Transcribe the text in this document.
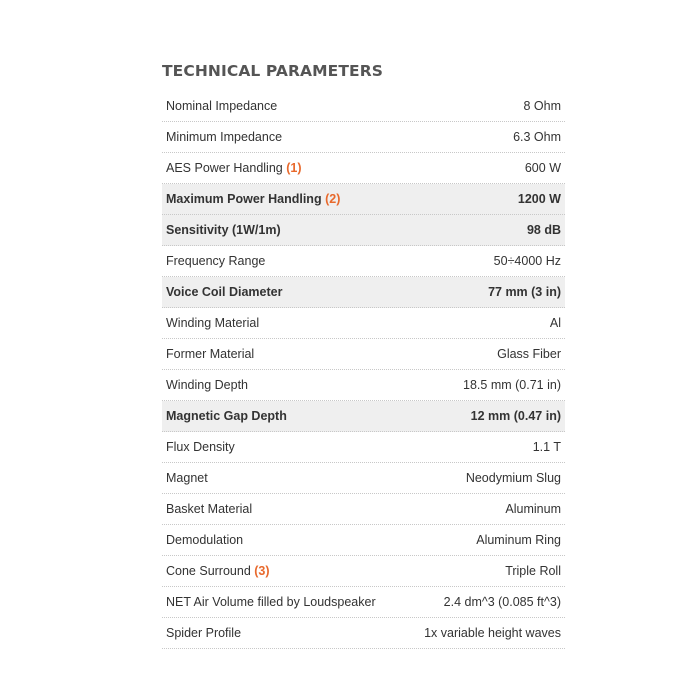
TECHNICAL PARAMETERS
Nominal Impedance	8 Ohm
Minimum Impedance	6.3 Ohm
AES Power Handling (1)	600 W
Maximum Power Handling (2)	1200 W
Sensitivity (1W/1m)	98 dB
Frequency Range	50÷4000 Hz
Voice Coil Diameter	77 mm (3 in)
Winding Material	Al
Former Material	Glass Fiber
Winding Depth	18.5 mm (0.71 in)
Magnetic Gap Depth	12 mm (0.47 in)
Flux Density	1.1 T
Magnet	Neodymium Slug
Basket Material	Aluminum
Demodulation	Aluminum Ring
Cone Surround (3)	Triple Roll
NET Air Volume filled by Loudspeaker	2.4 dm^3 (0.085 ft^3)
Spider Profile	1x variable height waves
